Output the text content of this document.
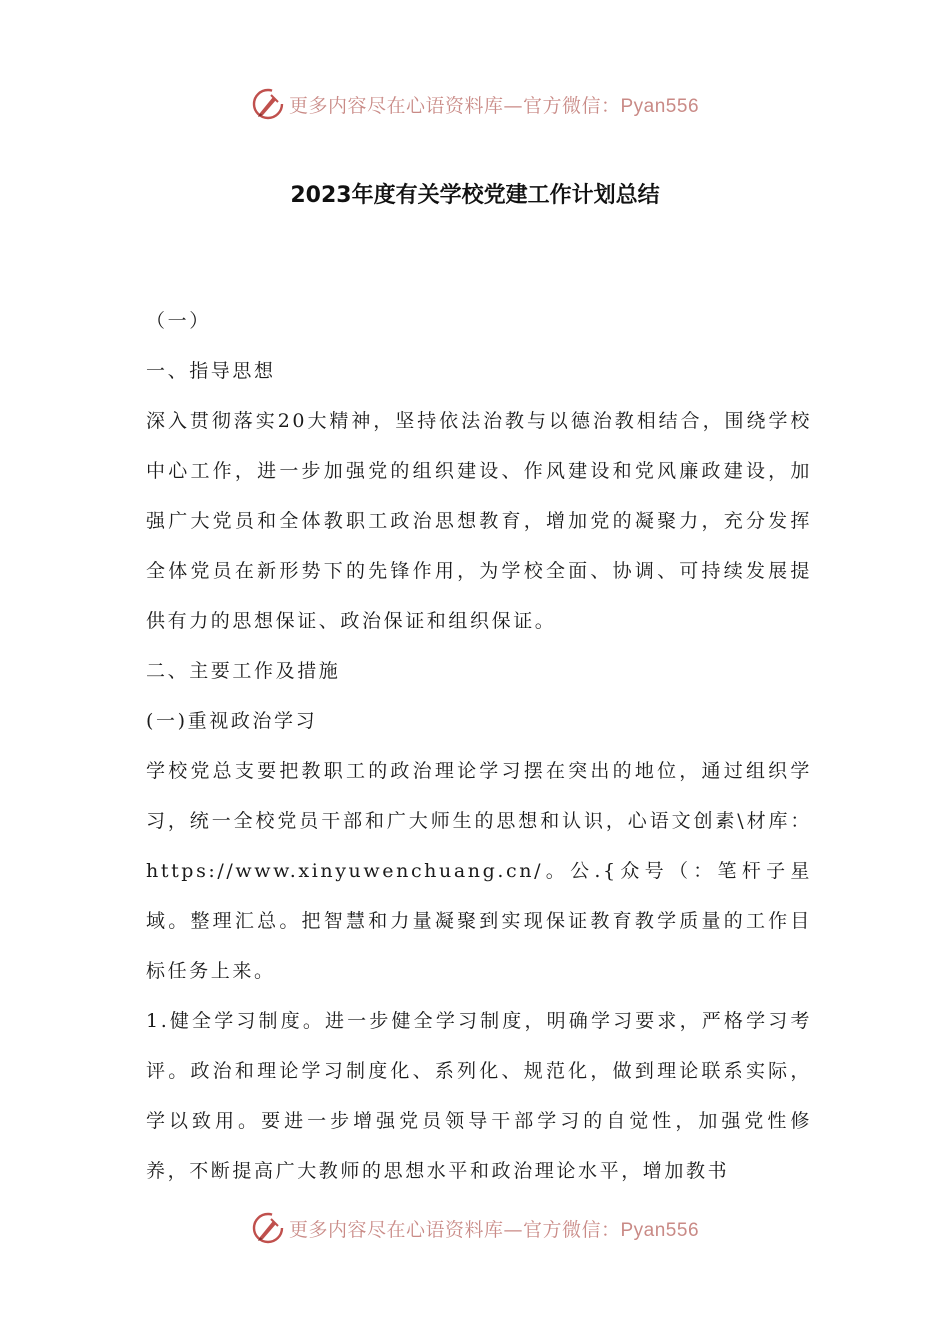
更多内容尽在心语资料库—官方微信：Pyan556
2023年度有关学校党建工作计划总结

（一）

一、指导思想

深入贯彻落实20大精神，坚持依法治教与以德治教相结合，围绕学校中心工作，进一步加强党的组织建设、作风建设和党风廉政建设，加强广大党员和全体教职工政治思想教育，增加党的凝聚力，充分发挥全体党员在新形势下的先锋作用，为学校全面、协调、可持续发展提供有力的思想保证、政治保证和组织保证。

二、主要工作及措施

(一)重视政治学习

学校党总支要把教职工的政治理论学习摆在突出的地位，通过组织学习，统一全校党员干部和广大师生的思想和认识，心语文创素\材库：https://www.xinyuwenchuang.cn/。公.{众号（：笔杆子星域。整理汇总。把智慧和力量凝聚到实现保证教育教学质量的工作目标任务上来。

1.健全学习制度。进一步健全学习制度，明确学习要求，严格学习考评。政治和理论学习制度化、系列化、规范化，做到理论联系实际，学以致用。要进一步增强党员领导干部学习的自觉性，加强党性修养，不断提高广大教师的思想水平和政治理论水平，增加教书

更多内容尽在心语资料库—官方微信：Pyan556
